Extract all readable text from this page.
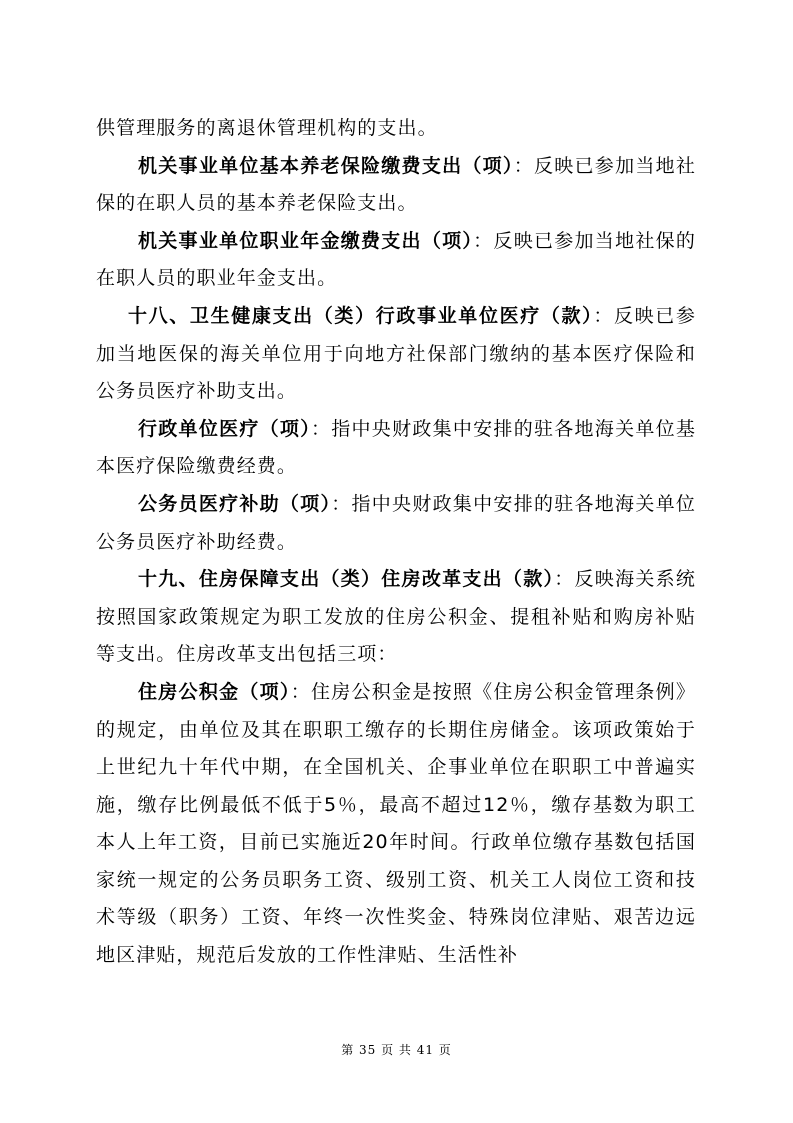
供管理服务的离退休管理机构的支出。

机关事业单位基本养老保险缴费支出（项）：反映已参加当地社保的在职人员的基本养老保险支出。

机关事业单位职业年金缴费支出（项）：反映已参加当地社保的在职人员的职业年金支出。

十八、卫生健康支出（类）行政事业单位医疗（款）：反映已参加当地医保的海关单位用于向地方社保部门缴纳的基本医疗保险和公务员医疗补助支出。

行政单位医疗（项）：指中央财政集中安排的驻各地海关单位基本医疗保险缴费经费。

公务员医疗补助（项）：指中央财政集中安排的驻各地海关单位公务员医疗补助经费。

十九、住房保障支出（类）住房改革支出（款）：反映海关系统按照国家政策规定为职工发放的住房公积金、提租补贴和购房补贴等支出。住房改革支出包括三项：

住房公积金（项）：住房公积金是按照《住房公积金管理条例》的规定，由单位及其在职职工缴存的长期住房储金。该项政策始于上世纪九十年代中期，在全国机关、企事业单位在职职工中普遍实施，缴存比例最低不低于5％，最高不超过12％，缴存基数为职工本人上年工资，目前已实施近20年时间。行政单位缴存基数包括国家统一规定的公务员职务工资、级别工资、机关工人岗位工资和技术等级（职务）工资、年终一次性奖金、特殊岗位津贴、艰苦边远地区津贴，规范后发放的工作性津贴、生活性补

第 35 页 共 41 页
